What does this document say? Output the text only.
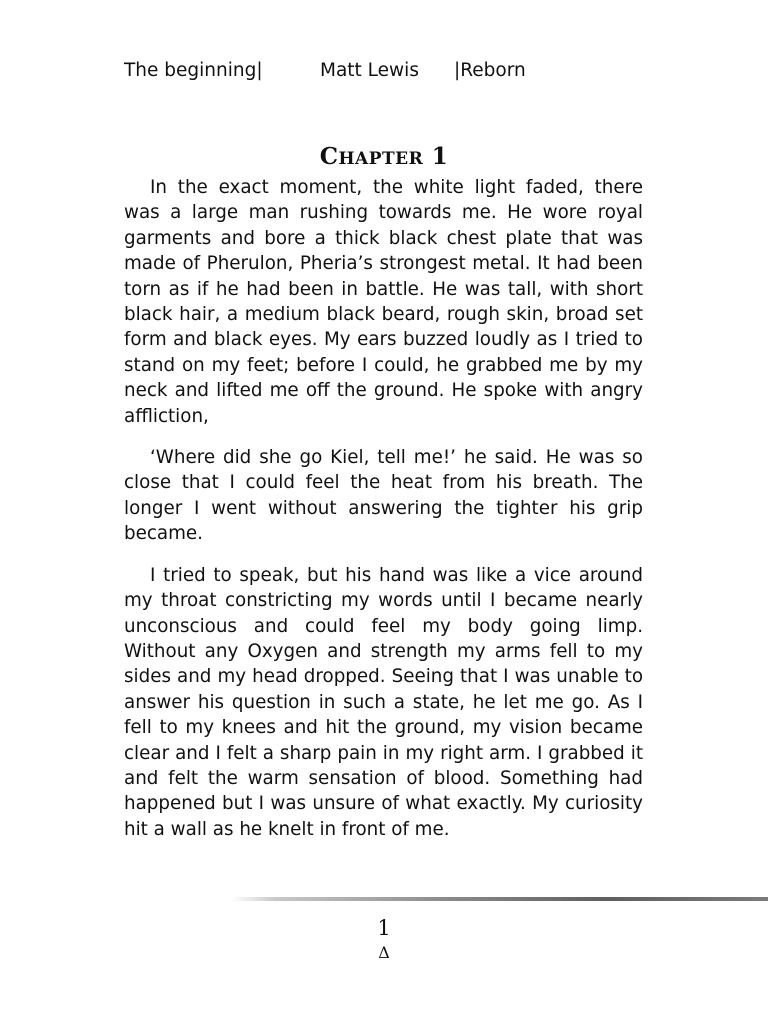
The beginning|	Matt Lewis |Reborn
CHAPTER 1

In the exact moment, the white light faded, there was a large man rushing towards me. He wore royal garments and bore a thick black chest plate that was made of Pherulon, Pheria’s strongest metal. It had been torn as if he had been in battle. He was tall, with short black hair, a medium black beard, rough skin, broad set form and black eyes. My ears buzzed loudly as I tried to stand on my feet; before I could, he grabbed me by my neck and lifted me off the ground. He spoke with angry affliction,

‘Where did she go Kiel, tell me!’ he said. He was so close that I could feel the heat from his breath. The longer I went without answering the tighter his grip became.

I tried to speak, but his hand was like a vice around my throat constricting my words until I became nearly unconscious and could feel my body going limp. Without any Oxygen and strength my arms fell to my sides and my head dropped. Seeing that I was unable to answer his question in such a state, he let me go. As I fell to my knees and hit the ground, my vision became clear and I felt a sharp pain in my right arm. I grabbed it and felt the warm sensation of blood. Something had happened but I was unsure of what exactly. My curiosity hit a wall as he knelt in front of me.

1
Δ
